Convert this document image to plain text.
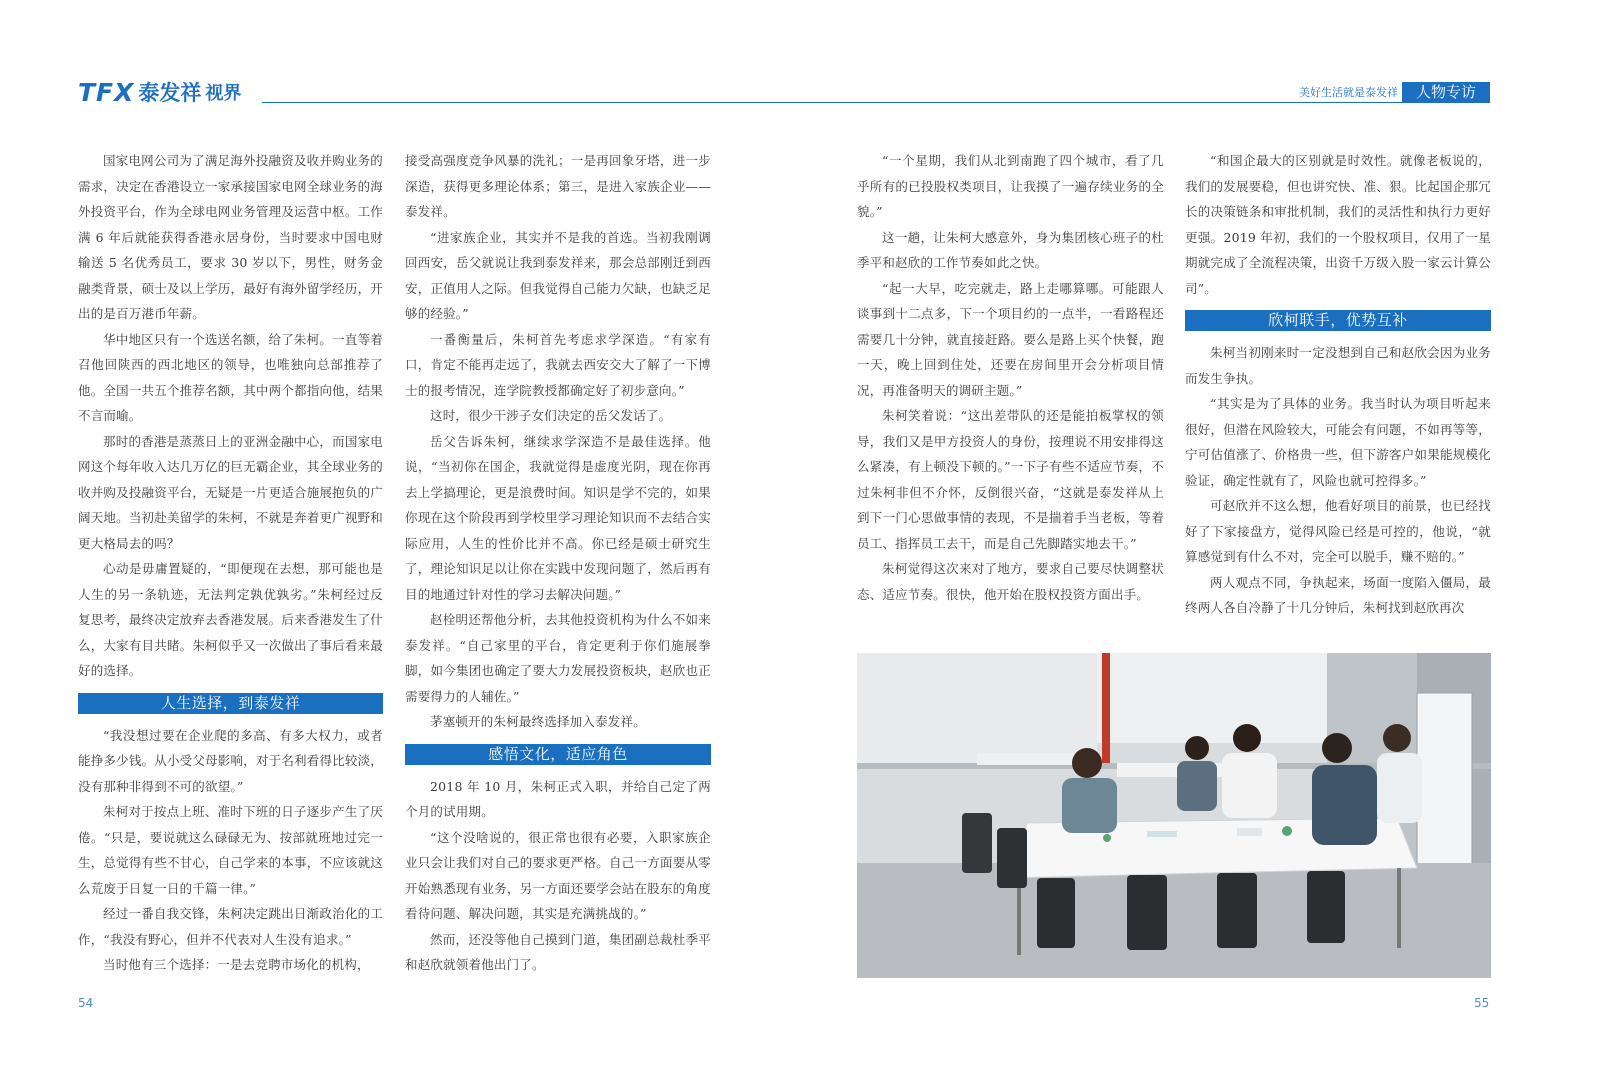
TFX 泰发祥 视界	美好生活就是泰发祥	人物专访

国家电网公司为了满足海外投融资及收并购业务的需求，决定在香港设立一家承接国家电网全球业务的海外投资平台，作为全球电网业务管理及运营中枢。工作满 6 年后就能获得香港永居身份，当时要求中国电财输送 5 名优秀员工，要求 30 岁以下，男性，财务金融类背景，硕士及以上学历，最好有海外留学经历，开出的是百万港币年薪。

华中地区只有一个选送名额，给了朱柯。一直等着召他回陕西的西北地区的领导，也唯独向总部推荐了他。全国一共五个推荐名额，其中两个都指向他，结果不言而喻。

那时的香港是蒸蒸日上的亚洲金融中心，而国家电网这个每年收入达几万亿的巨无霸企业，其全球业务的收并购及投融资平台，无疑是一片更适合施展抱负的广阔天地。当初赴美留学的朱柯，不就是奔着更广视野和更大格局去的吗？

心动是毋庸置疑的，“即便现在去想，那可能也是人生的另一条轨迹，无法判定孰优孰劣。”朱柯经过反复思考，最终决定放弃去香港发展。后来香港发生了什么，大家有目共睹。朱柯似乎又一次做出了事后看来最好的选择。

人生选择，到泰发祥

“我没想过要在企业爬的多高、有多大权力，或者能挣多少钱。从小受父母影响，对于名利看得比较淡，没有那种非得到不可的欲望。”

朱柯对于按点上班、准时下班的日子逐步产生了厌倦。“只是，要说就这么碌碌无为、按部就班地过完一生，总觉得有些不甘心，自己学来的本事，不应该就这么荒废于日复一日的千篇一律。”

经过一番自我交锋，朱柯决定跳出日渐政治化的工作，“我没有野心，但并不代表对人生没有追求。”

当时他有三个选择：一是去竞聘市场化的机构，

接受高强度竞争风暴的洗礼；一是再回象牙塔，进一步深造，获得更多理论体系；第三，是进入家族企业——泰发祥。

“进家族企业，其实并不是我的首选。当初我刚调回西安，岳父就说让我到泰发祥来，那会总部刚迁到西安，正值用人之际。但我觉得自己能力欠缺，也缺乏足够的经验。”

一番衡量后，朱柯首先考虑求学深造。“有家有口，肯定不能再走远了，我就去西安交大了解了一下博士的报考情况，连学院教授都确定好了初步意向。”

这时，很少干涉子女们决定的岳父发话了。

岳父告诉朱柯，继续求学深造不是最佳选择。他说，“当初你在国企，我就觉得是虚度光阴，现在你再去上学搞理论，更是浪费时间。知识是学不完的，如果你现在这个阶段再到学校里学习理论知识而不去结合实际应用，人生的性价比并不高。你已经是硕士研究生了，理论知识足以让你在实践中发现问题了，然后再有目的地通过针对性的学习去解决问题。”

赵栓明还帮他分析，去其他投资机构为什么不如来泰发祥。“自己家里的平台，肯定更利于你们施展拳脚，如今集团也确定了要大力发展投资板块，赵欣也正需要得力的人辅佐。”

茅塞顿开的朱柯最终选择加入泰发祥。

感悟文化，适应角色

2018 年 10 月，朱柯正式入职，并给自己定了两个月的试用期。

“这个没啥说的，很正常也很有必要，入职家族企业只会让我们对自己的要求更严格。自己一方面要从零开始熟悉现有业务，另一方面还要学会站在股东的角度看待问题、解决问题，其实是充满挑战的。”

然而，还没等他自己摸到门道，集团副总裁杜季平和赵欣就领着他出门了。

“一个星期，我们从北到南跑了四个城市，看了几乎所有的已投股权类项目，让我摸了一遍存续业务的全貌。”

这一趟，让朱柯大感意外，身为集团核心班子的杜季平和赵欣的工作节奏如此之快。

“起一大早，吃完就走，路上走哪算哪。可能跟人谈事到十二点多，下一个项目约的一点半，一看路程还需要几十分钟，就直接赶路。要么是路上买个快餐，跑一天，晚上回到住处，还要在房间里开会分析项目情况，再准备明天的调研主题。”

朱柯笑着说：“这出差带队的还是能拍板掌权的领导，我们又是甲方投资人的身份，按理说不用安排得这么紧凑，有上顿没下顿的。”一下子有些不适应节奏，不过朱柯非但不介怀，反倒很兴奋，“这就是泰发祥从上到下一门心思做事情的表现，不是揣着手当老板，等着员工、指挥员工去干，而是自己先脚踏实地去干。”

朱柯觉得这次来对了地方，要求自己要尽快调整状态、适应节奏。很快，他开始在股权投资方面出手。

“和国企最大的区别就是时效性。就像老板说的，我们的发展要稳，但也讲究快、准、狠。比起国企那冗长的决策链条和审批机制，我们的灵活性和执行力更好更强。2019 年初，我们的一个股权项目，仅用了一星期就完成了全流程决策，出资千万级入股一家云计算公司”。

欣柯联手，优势互补

朱柯当初刚来时一定没想到自己和赵欣会因为业务而发生争执。

“其实是为了具体的业务。我当时认为项目听起来很好，但潜在风险较大，可能会有问题，不如再等等，宁可估值涨了、价格贵一些，但下游客户如果能规模化验证，确定性就有了，风险也就可控得多。”

可赵欣并不这么想，他看好项目的前景，也已经找好了下家接盘方，觉得风险已经是可控的，他说，“就算感觉到有什么不对，完全可以脱手，赚不赔的。”

两人观点不同，争执起来，场面一度陷入僵局，最终两人各自冷静了十几分钟后，朱柯找到赵欣再次

54	55
